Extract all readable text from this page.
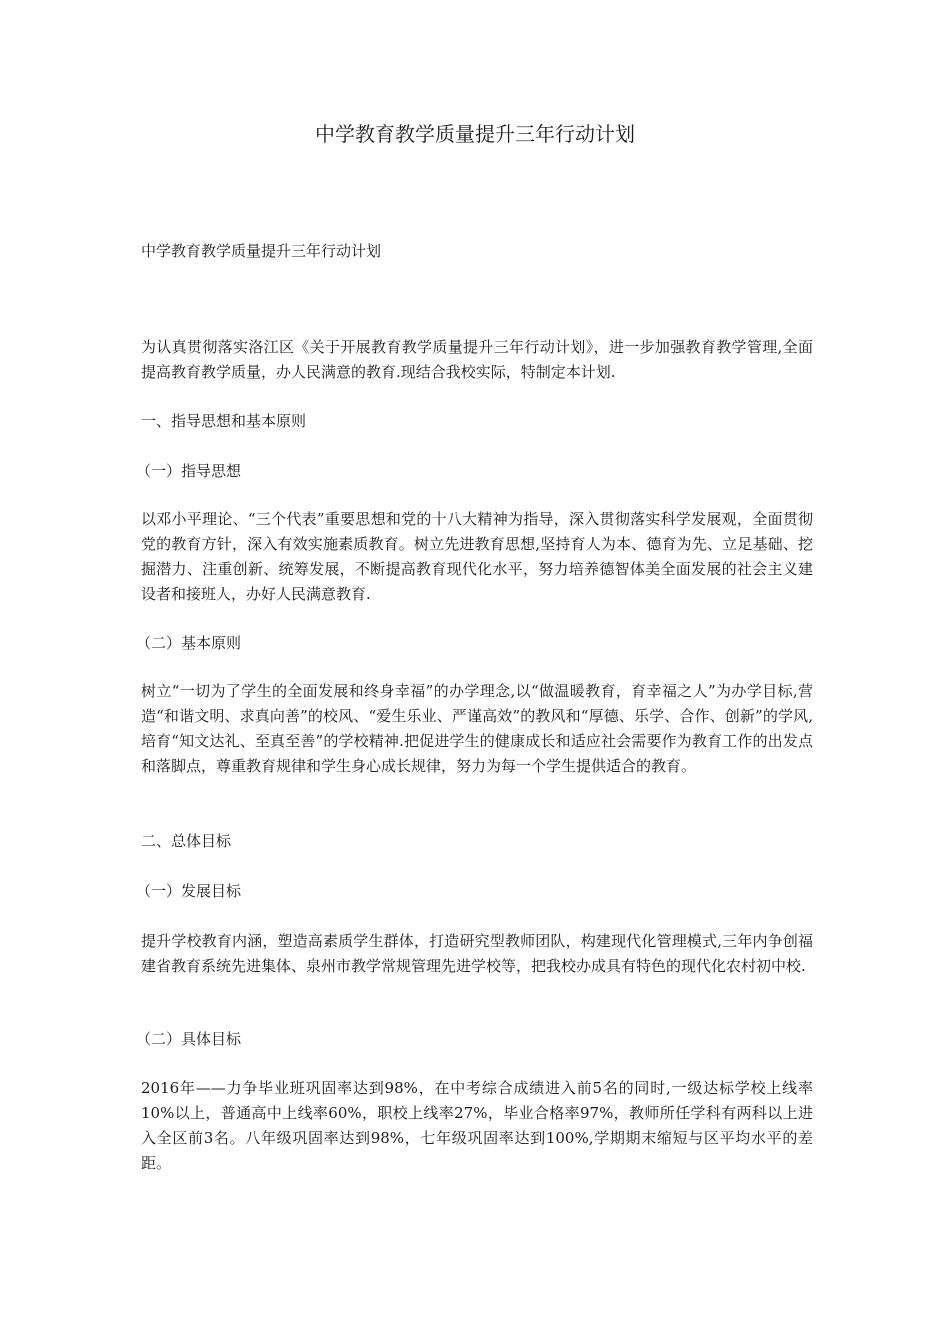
中学教育教学质量提升三年行动计划

中学教育教学质量提升三年行动计划

为认真贯彻落实洛江区《关于开展教育教学质量提升三年行动计划》，进一步加强教育教学管理,全面提高教育教学质量，办人民满意的教育.现结合我校实际，特制定本计划.

一、指导思想和基本原则

（一）指导思想

以邓小平理论、“三个代表”重要思想和党的十八大精神为指导，深入贯彻落实科学发展观，全面贯彻党的教育方针，深入有效实施素质教育。树立先进教育思想,坚持育人为本、德育为先、立足基础、挖掘潜力、注重创新、统筹发展，不断提高教育现代化水平，努力培养德智体美全面发展的社会主义建设者和接班人，办好人民满意教育.

（二）基本原则

树立“一切为了学生的全面发展和终身幸福”的办学理念,以“做温暖教育，育幸福之人”为办学目标,营造“和谐文明、求真向善”的校风、“爱生乐业、严谨高效”的教风和“厚德、乐学、合作、创新”的学风,培育“知文达礼、至真至善”的学校精神.把促进学生的健康成长和适应社会需要作为教育工作的出发点和落脚点，尊重教育规律和学生身心成长规律，努力为每一个学生提供适合的教育。

二、总体目标

（一）发展目标

提升学校教育内涵，塑造高素质学生群体，打造研究型教师团队，构建现代化管理模式,三年内争创福建省教育系统先进集体、泉州市教学常规管理先进学校等，把我校办成具有特色的现代化农村初中校.

（二）具体目标

2016年——力争毕业班巩固率达到98%，在中考综合成绩进入前5名的同时,一级达标学校上线率10%以上，普通高中上线率60%，职校上线率27%，毕业合格率97%，教师所任学科有两科以上进入全区前3名。八年级巩固率达到98%，七年级巩固率达到100%,学期期末缩短与区平均水平的差距。
